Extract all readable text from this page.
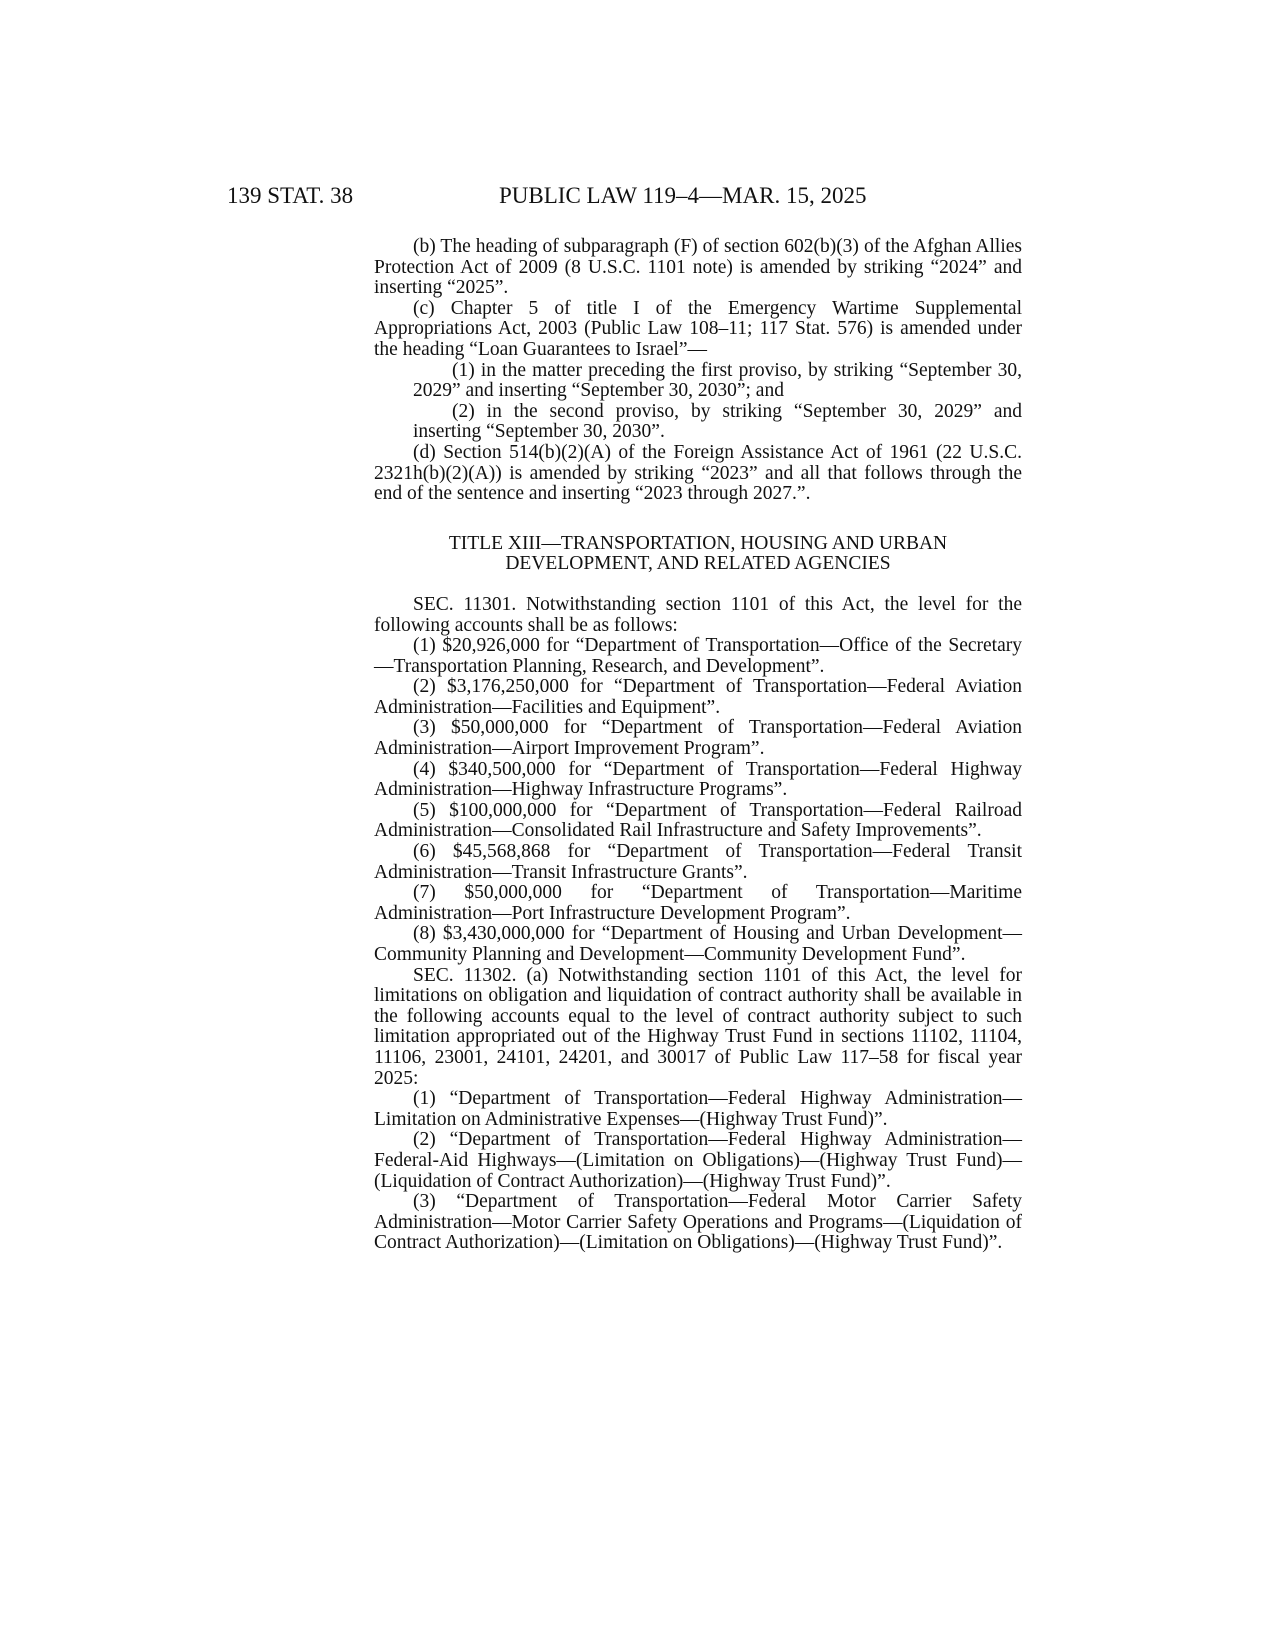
139 STAT. 38	PUBLIC LAW 119–4—MAR. 15, 2025

(b) The heading of subparagraph (F) of section 602(b)(3) of the Afghan Allies Protection Act of 2009 (8 U.S.C. 1101 note) is amended by striking “2024” and inserting “2025”.

(c) Chapter 5 of title I of the Emergency Wartime Supplemental Appropriations Act, 2003 (Public Law 108–11; 117 Stat. 576) is amended under the heading “Loan Guarantees to Israel”—

(1) in the matter preceding the first proviso, by striking “September 30, 2029” and inserting “September 30, 2030”; and

(2) in the second proviso, by striking “September 30, 2029” and inserting “September 30, 2030”.

(d) Section 514(b)(2)(A) of the Foreign Assistance Act of 1961 (22 U.S.C. 2321h(b)(2)(A)) is amended by striking “2023” and all that follows through the end of the sentence and inserting “2023 through 2027.”.

TITLE XIII—TRANSPORTATION, HOUSING AND URBAN
DEVELOPMENT, AND RELATED AGENCIES

SEC. 11301. Notwithstanding section 1101 of this Act, the level for the following accounts shall be as follows:

(1) $20,926,000 for “Department of Transportation—Office of the Secretary—Transportation Planning, Research, and Development”.

(2) $3,176,250,000 for “Department of Transportation—Federal Aviation Administration—Facilities and Equipment”.

(3) $50,000,000 for “Department of Transportation—Federal Aviation Administration—Airport Improvement Program”.

(4) $340,500,000 for “Department of Transportation—Federal Highway Administration—Highway Infrastructure Programs”.

(5) $100,000,000 for “Department of Transportation—Federal Railroad Administration—Consolidated Rail Infrastructure and Safety Improvements”.

(6) $45,568,868 for “Department of Transportation—Federal Transit Administration—Transit Infrastructure Grants”.

(7) $50,000,000 for “Department of Transportation—Maritime Administration—Port Infrastructure Development Program”.

(8) $3,430,000,000 for “Department of Housing and Urban Development—Community Planning and Development—Community Development Fund”.

SEC. 11302. (a) Notwithstanding section 1101 of this Act, the level for limitations on obligation and liquidation of contract authority shall be available in the following accounts equal to the level of contract authority subject to such limitation appropriated out of the Highway Trust Fund in sections 11102, 11104, 11106, 23001, 24101, 24201, and 30017 of Public Law 117–58 for fiscal year 2025:

(1) “Department of Transportation—Federal Highway Administration—Limitation on Administrative Expenses—(Highway Trust Fund)”.

(2) “Department of Transportation—Federal Highway Administration—Federal-Aid Highways—(Limitation on Obligations)—(Highway Trust Fund)—(Liquidation of Contract Authorization)—(Highway Trust Fund)”.

(3) “Department of Transportation—Federal Motor Carrier Safety Administration—Motor Carrier Safety Operations and Programs—(Liquidation of Contract Authorization)—(Limitation on Obligations)—(Highway Trust Fund)”.
